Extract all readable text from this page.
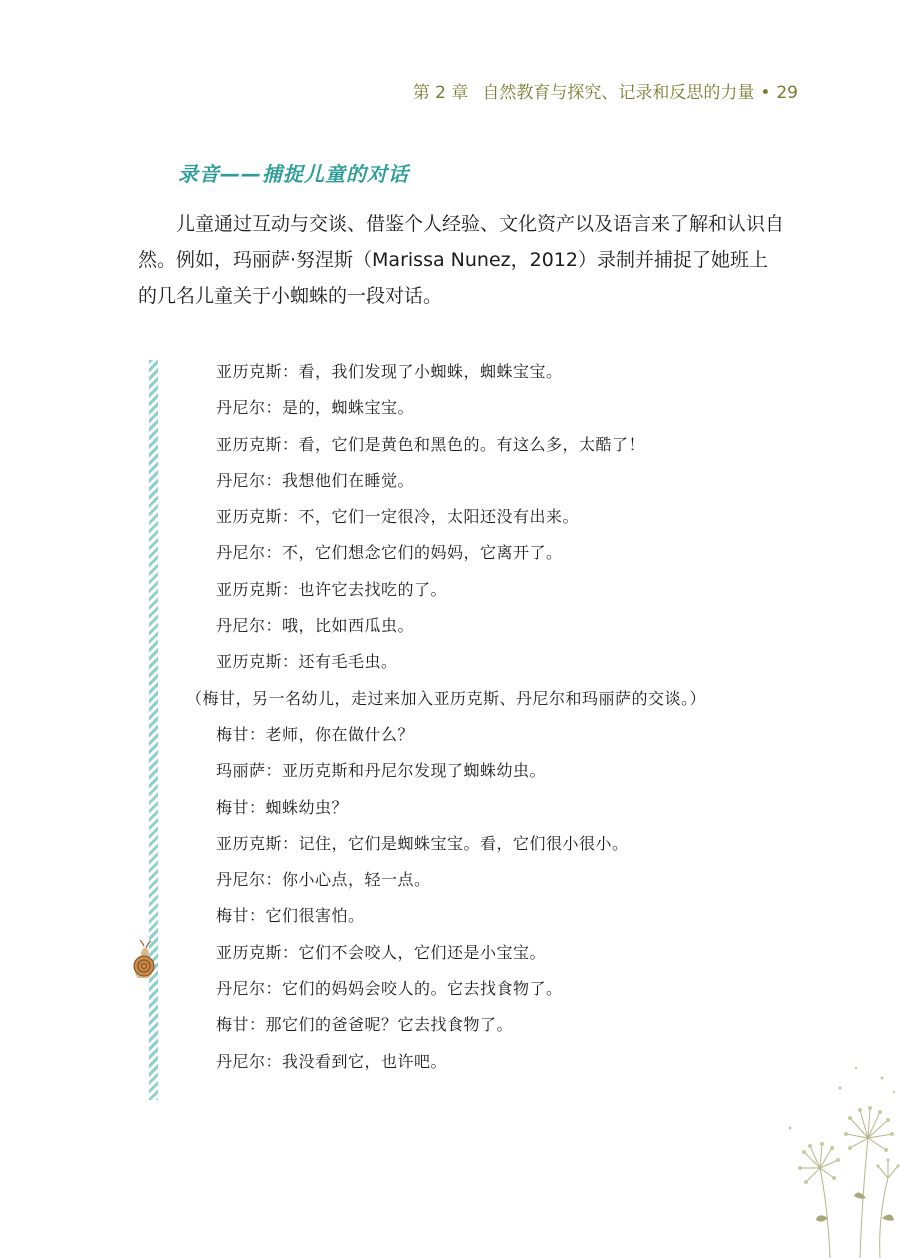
第 2 章 自然教育与探究、记录和反思的力量 • 29
录音——捕捉儿童的对话

儿童通过互动与交谈、借鉴个人经验、文化资产以及语言来了解和认识自然。例如，玛丽萨·努涅斯（Marissa Nunez，2012）录制并捕捉了她班上的几名儿童关于小蜘蛛的一段对话。

亚历克斯：看，我们发现了小蜘蛛，蜘蛛宝宝。
丹尼尔：是的，蜘蛛宝宝。
亚历克斯：看，它们是黄色和黑色的。有这么多，太酷了！
丹尼尔：我想他们在睡觉。
亚历克斯：不，它们一定很冷，太阳还没有出来。
丹尼尔：不，它们想念它们的妈妈，它离开了。
亚历克斯：也许它去找吃的了。
丹尼尔：哦，比如西瓜虫。
亚历克斯：还有毛毛虫。
（梅甘，另一名幼儿，走过来加入亚历克斯、丹尼尔和玛丽萨的交谈。）
梅甘：老师，你在做什么？
玛丽萨：亚历克斯和丹尼尔发现了蜘蛛幼虫。
梅甘：蜘蛛幼虫？
亚历克斯：记住，它们是蜘蛛宝宝。看，它们很小很小。
丹尼尔：你小心点，轻一点。
梅甘：它们很害怕。
亚历克斯：它们不会咬人，它们还是小宝宝。
丹尼尔：它们的妈妈会咬人的。它去找食物了。
梅甘：那它们的爸爸呢？它去找食物了。
丹尼尔：我没看到它，也许吧。
